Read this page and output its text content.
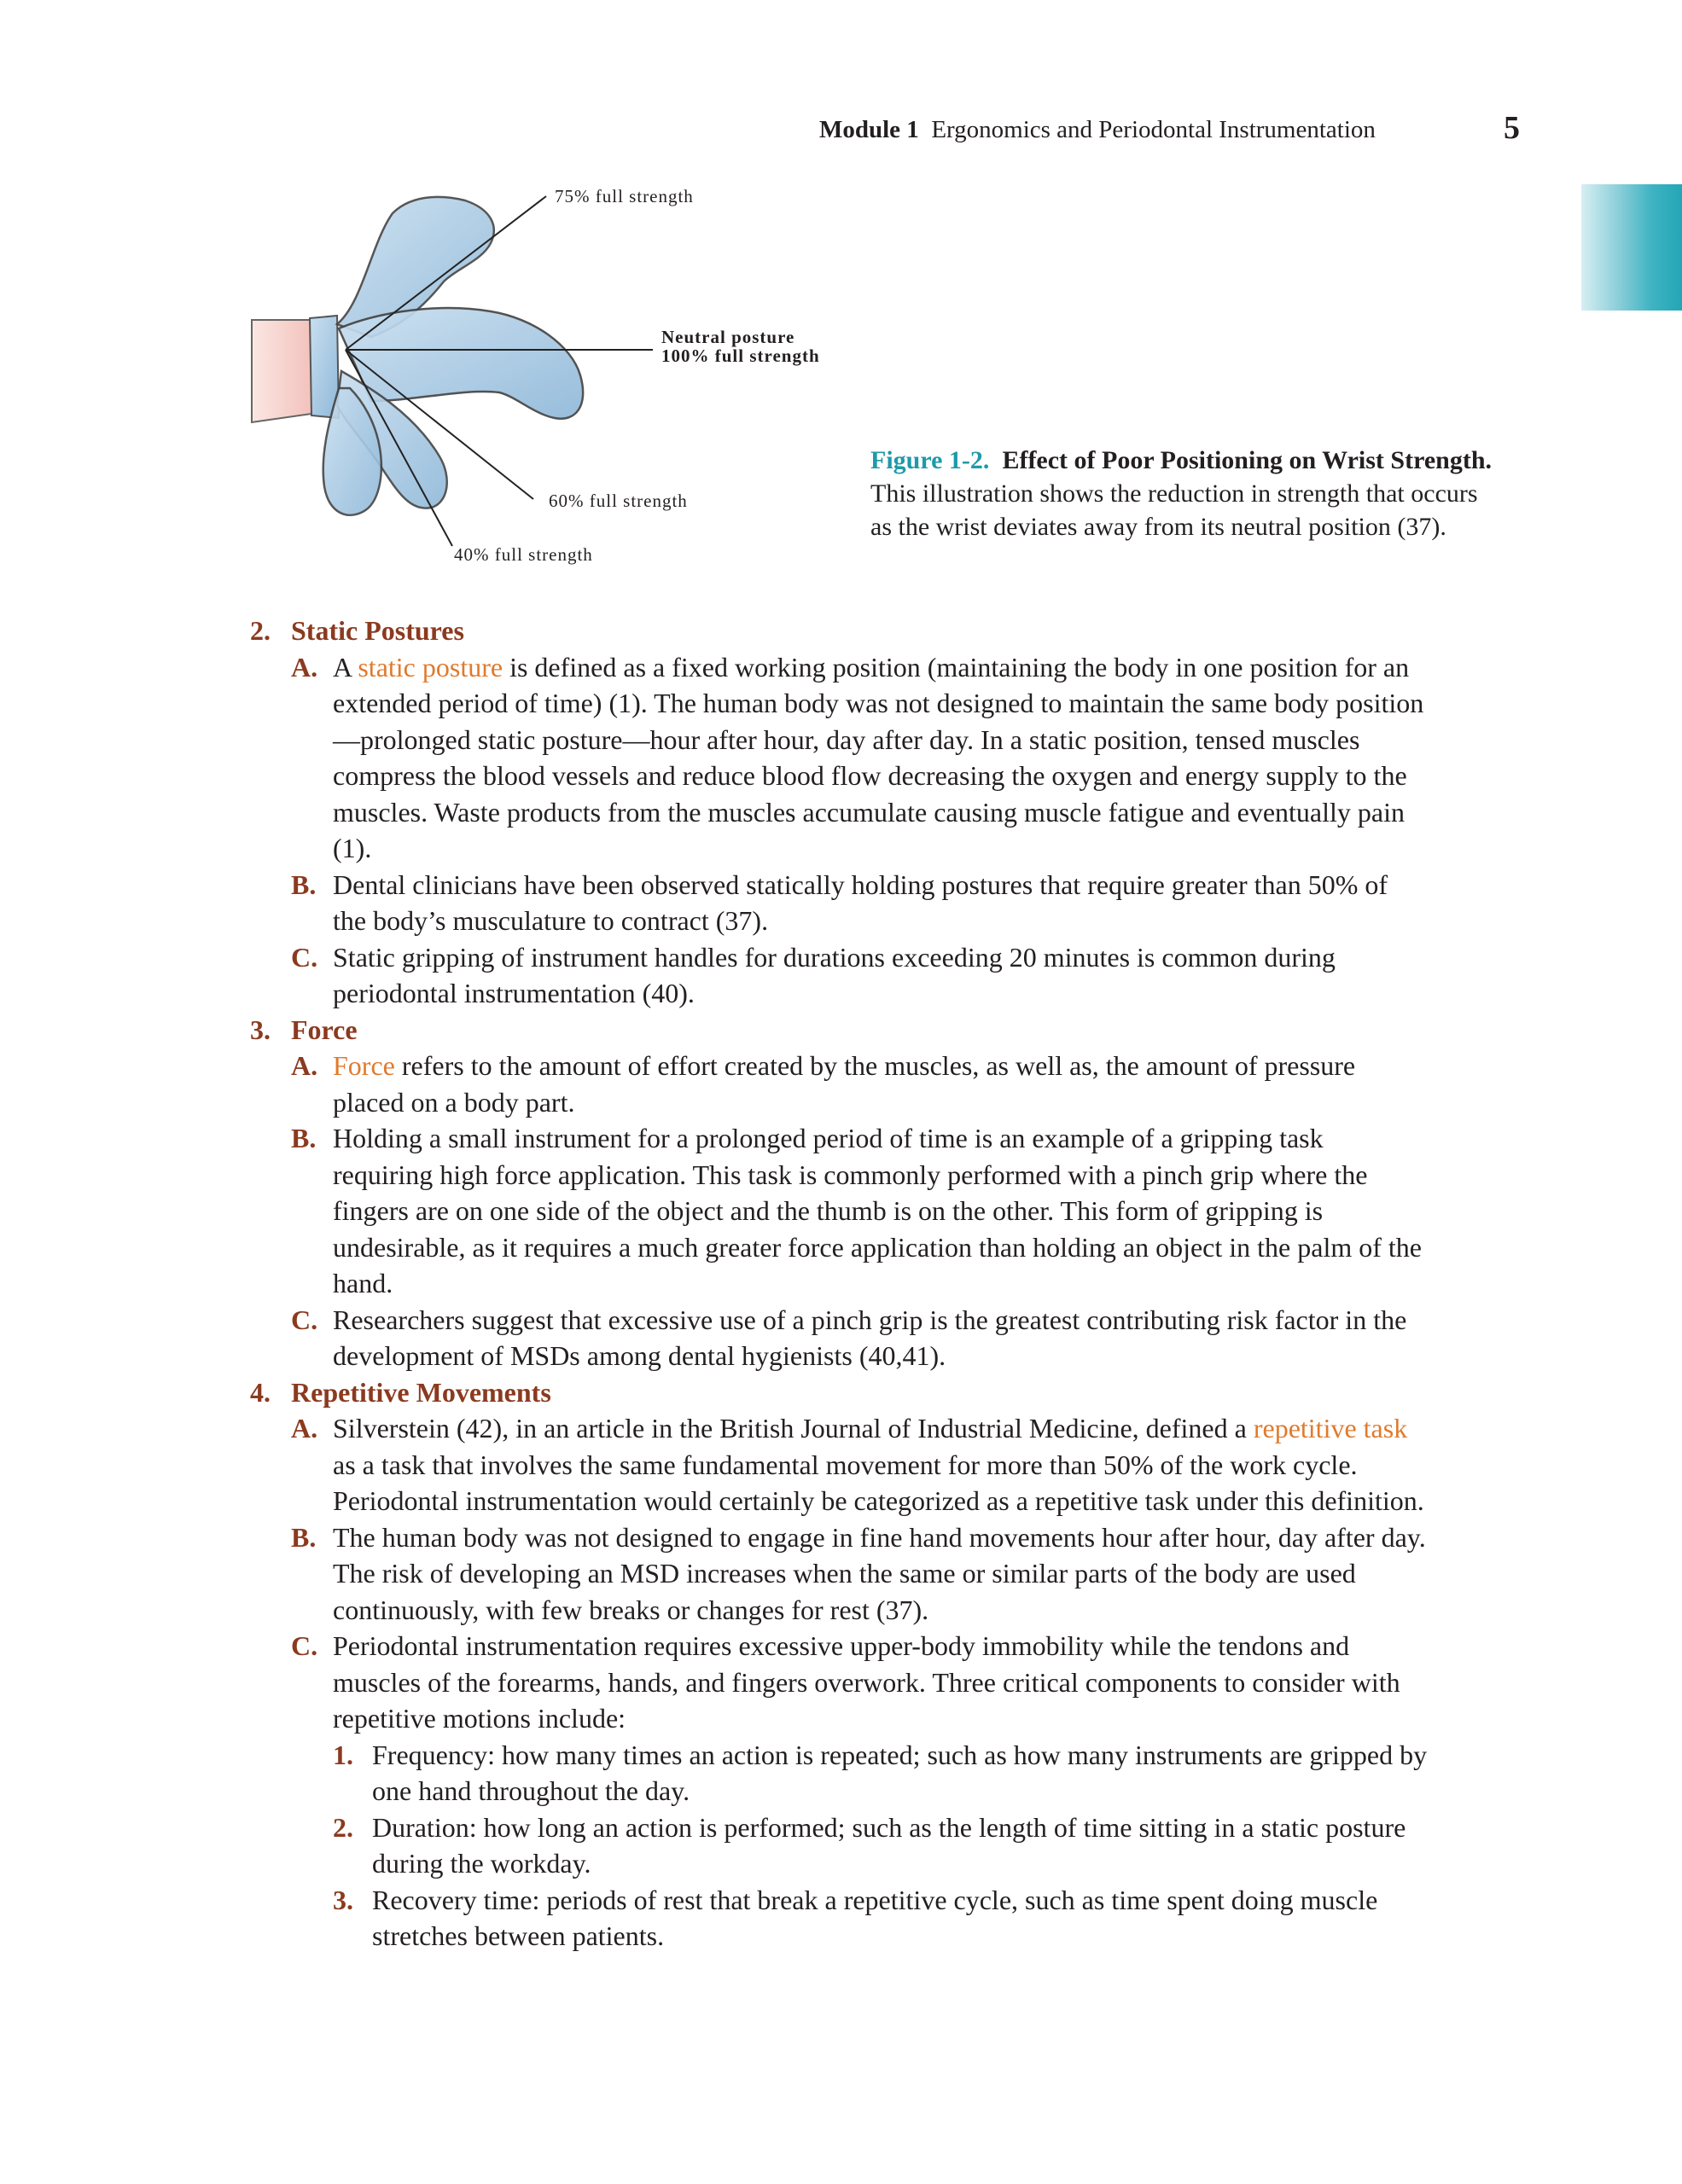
Module 1 Ergonomics and Periodontal Instrumentation	5
75% full strength
Neutral posture
100% full strength
60% full strength
40% full strength
Figure 1-2. Effect of Poor Positioning on Wrist Strength. This illustration shows the reduction in strength that occurs as the wrist deviates away from its neutral position (37).
2. Static Postures
A. A static posture is defined as a fixed working position (maintaining the body in one position for an extended period of time) (1). The human body was not designed to maintain the same body position—prolonged static posture—hour after hour, day after day. In a static position, tensed muscles compress the blood vessels and reduce blood flow decreasing the oxygen and energy supply to the muscles. Waste products from the muscles accumulate causing muscle fatigue and eventually pain (1).
B. Dental clinicians have been observed statically holding postures that require greater than 50% of the body’s musculature to contract (37).
C. Static gripping of instrument handles for durations exceeding 20 minutes is common during periodontal instrumentation (40).
3. Force
A. Force refers to the amount of effort created by the muscles, as well as, the amount of pressure placed on a body part.
B. Holding a small instrument for a prolonged period of time is an example of a gripping task requiring high force application. This task is commonly performed with a pinch grip where the fingers are on one side of the object and the thumb is on the other. This form of gripping is undesirable, as it requires a much greater force application than holding an object in the palm of the hand.
C. Researchers suggest that excessive use of a pinch grip is the greatest contributing risk factor in the development of MSDs among dental hygienists (40,41).
4. Repetitive Movements
A. Silverstein (42), in an article in the British Journal of Industrial Medicine, defined a repetitive task as a task that involves the same fundamental movement for more than 50% of the work cycle. Periodontal instrumentation would certainly be categorized as a repetitive task under this definition.
B. The human body was not designed to engage in fine hand movements hour after hour, day after day. The risk of developing an MSD increases when the same or similar parts of the body are used continuously, with few breaks or changes for rest (37).
C. Periodontal instrumentation requires excessive upper-body immobility while the tendons and muscles of the forearms, hands, and fingers overwork. Three critical components to consider with repetitive motions include:
1. Frequency: how many times an action is repeated; such as how many instruments are gripped by one hand throughout the day.
2. Duration: how long an action is performed; such as the length of time sitting in a static posture during the workday.
3. Recovery time: periods of rest that break a repetitive cycle, such as time spent doing muscle stretches between patients.
